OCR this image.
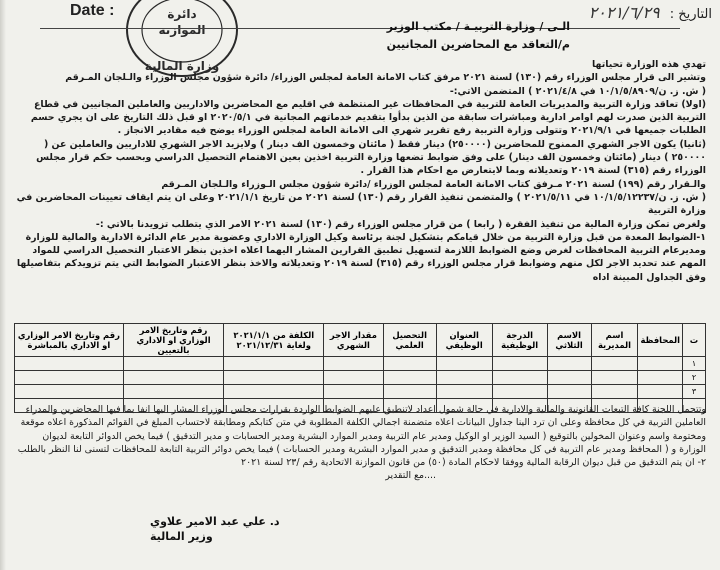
Date :	التاريخ : ٢٠٢١/٦/٢٩
دائرة
الموازنة
وزارة المالية
الـى / وزارة التربيـة / مكتب الوزير
م/التعاقد مع المحاضرين المجانيين

تهدي هذه الوزارة تحياتها

وتشير الى قرار مجلس الوزراء رقم (١٣٠) لسنة ٢٠٢١ مرفق كتاب الامانة العامة لمجلس الوزراء/ دائرة شؤون مجلس الوزراء والـلجان المـرقم

( ش. ز. ن/١٠/١/٥/٨٩٠٩ في ٢٠٢١/٤/٨ ) المتضمن الاتي:-

(اولا) تعاقد وزارة التربية والمديريات العامة للتربية في المحافظات غير المنتظمة في اقليم مع المحاضرين والاداريين والعاملين المجانيين في قطاع التربية الذين صدرت لهم اوامر ادارية ومباشرات سابقة من الذين بدأوا بتقديم خدماتهم المجانية في ٢٠٢٠/٥/١ او قبل ذلك التاريخ على ان يجري حسم الطلبات جميعها في ٢٠٢١/٩/١ وتتولى وزارة التربية رفع تقرير شهري الى الامانة العامة لمجلس الوزراء يوضح فيه مقادير الانجاز .

(ثانيا) يكون الاجر الشهري الممنوح للمحاضرين (٢٥٠٠٠٠) دينار فقط ( مائتان وخمسون الف دينار ) ولايزيد الاجر الشهري للاداريين والعاملين عن ( ٢٥٠٠٠٠ ) دينار (مائتان وخمسون الف دينار) على وفق ضوابط تضعها وزارة التربية اخذين بعين الاهتمام التحصيل الدراسي وبحسب حكم قرار مجلس الوزراء رقم (٣١٥) لسنة ٢٠١٩ وتعديلاته وبما لايتعارض مع احكام هذا القرار .

والـقرار رقم (١٩٩) لسنة ٢٠٢١ مـرفق كتاب الامانة العامة لمجلس الوزراء /دائرة شؤون مجلس الـوزراء والـلجان المـرقم

( ش. ز. ن/١٠/١/٥/١٢٢٣٧ في ٢٠٢١/٥/١١ ) والمتضمن تنفيذ القرار رقم (١٣٠) لسنة ٢٠٢١ من تاريخ ٢٠٢١/١/١ وعلى ان يتم ايقاف تعيينات المحاضرين في وزارة التربية

ولغرض تمكن وزارة المالية من تنفيذ الفقرة ( رابعا ) من قرار مجلس الوزراء رقم (١٣٠) لسنة ٢٠٢١ الامر الذي يتطلب تزويدنا بالاتي :-

١-الضوابط المعدة من قبل وزارة التربية من خلال قيامكم بتشكيل لجنة برئاسة وكيل الوزارة الاداري وعضوية مدير عام الدائرة الادارية والمالية للوزارة ومديرعام التربية المحافظات لغرض وضع الضوابط اللازمة لتسهيل تطبيق القرارين المشار اليهما اعلاه اخذين بنظر الاعتبار التحصيل الدراسي للمواد المهم عند تحديد الاجر لكل منهم وضوابط قرار مجلس الوزراء رقم (٣١٥) لسنة ٢٠١٩ وتعديلاته والاخذ بنظر الاعتبار الضوابط التي يتم تزويدكم بتفاصيلها وفق الجداول المبينة اداه

ت	المحافظة	اسم المديرية	الاسم الثلاثي	الدرجة الوظيفية	العنوان الوظيفي	التحصيل العلمي	مقدار الاجر الشهري	الكلفة من ٢٠٢١/١/١ ولغاية ٢٠٢١/١٢/٣١	رقم وتاريخ الامر الوزاري او الاداري بالتعيين	رقم وتاريخ الامر الوزاري او الاداري بالمباشرة
١										
٢										
٣										

وتتحمل اللجنة كافة التبعات القانونية والمالية والادارية في حالة شمول اعداد لاتنطبق عليهم الضوابط الواردة بقرارات مجلس الوزراء المشار اليها انفا بما فيها المحاضرين والمدراء العاملين التربية في كل محافظة وعلى ان ترد الينا جداول البيانات اعلاه متضمنة اجمالي الكلفة المطلوبة في متن كتابكم ومطابقة لاحتساب المبلغ في القوائم المذكورة اعلاه موقعة ومختومة واسم وعنوان المخولين بالتوقيع ( السيد الوزير او الوكيل ومدير عام التربية ومدير الموارد البشرية ومدير الحسابات و مدير التدقيق ) فيما يخص الدوائر التابعة لديوان الوزارة و ( المحافظ ومدير عام التربية في كل محافظة ومدير التدقيق و مدير الموارد البشرية ومدير الحسابات ) فيما يخص دوائر التربية التابعة للمحافظات لتسنى لنا النظر بالطلب

٢- ان يتم التدقيق من قبل ديوان الرقابة المالية ووفقا لاحكام المادة (٥٠) من قانون الموازنة الاتحادية رقم /٢٣ لسنة ٢٠٢١

....مع التقدير

د. علي عبد الامير علاوي
وزير المالية
